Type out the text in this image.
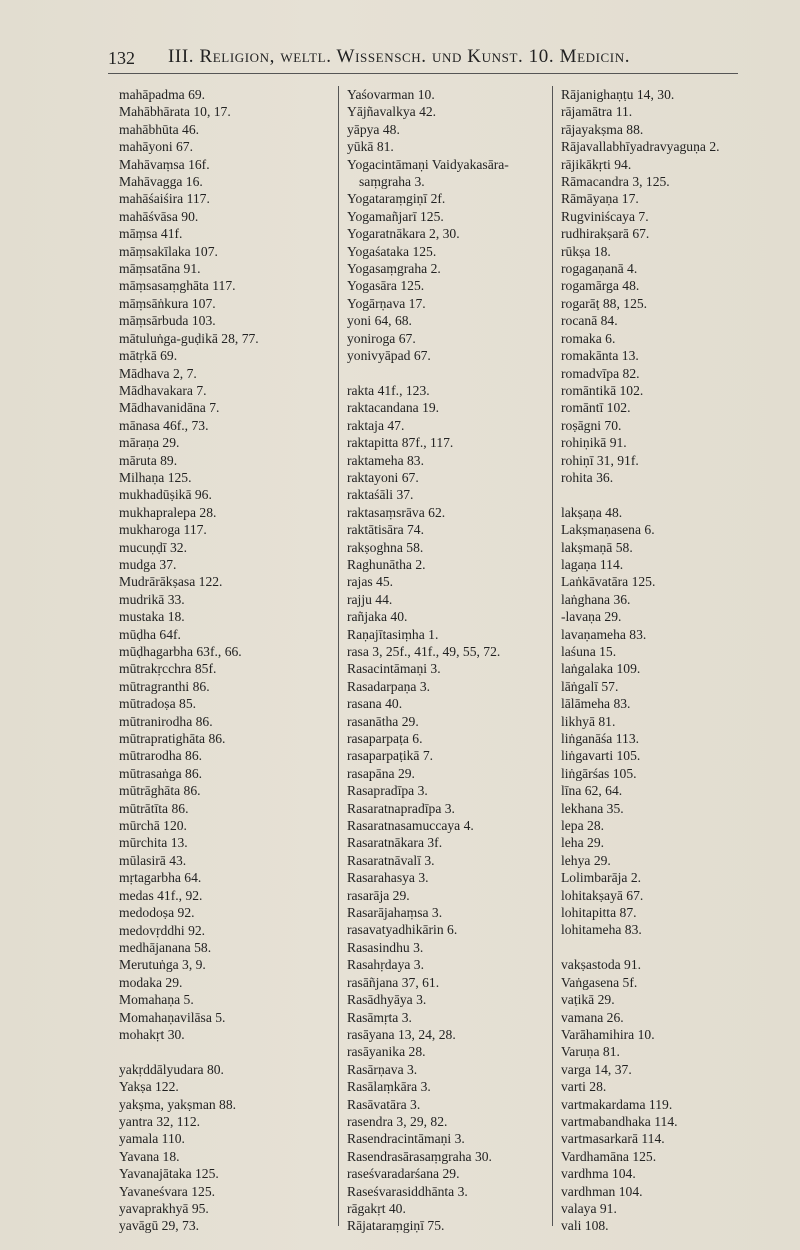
132 III. Religion, weltl. Wissensch. und Kunst. 10. Medicin.
mahāpadma 69.
Mahābhārata 10, 17.
mahābhūta 46.
mahāyoni 67.
Mahāvaṃsa 16f.
Mahāvagga 16.
mahāśaiśira 117.
mahāśvāsa 90.
māṃsa 41f.
māṃsakīlaka 107.
māṃsatāna 91.
māṃsasaṃghāta 117.
māṃsāṅkura 107.
māṃsārbuda 103.
mātuluṅga-guḍikā 28, 77.
mātṛkā 69.
Mādhava 2, 7.
Mādhavakara 7.
Mādhavanidāna 7.
mānasa 46f., 73.
māraṇa 29.
māruta 89.
Milhaṇa 125.
mukhadūṣikā 96.
mukhapralepa 28.
mukharoga 117.
mucuṇḍī 32.
mudga 37.
Mudrārākṣasa 122.
mudrikā 33.
mustaka 18.
mūḍha 64f.
mūḍhagarbha 63f., 66.
mūtrakṛcchra 85f.
mūtragranthi 86.
mūtradoṣa 85.
mūtranirodha 86.
mūtrapratighāta 86.
mūtrarodha 86.
mūtrasaṅga 86.
mūtrāghāta 86.
mūtrātīta 86.
mūrchā 120.
mūrchita 13.
mūlasirā 43.
mṛtagarbha 64.
medas 41f., 92.
medodoṣa 92.
medovṛddhi 92.
medhājanana 58.
Merutuṅga 3, 9.
modaka 29.
Momahaṇa 5.
Momahaṇavilāsa 5.
mohakṛt 30.
yakṛddālyudara 80.
Yakṣa 122.
yakṣma, yakṣman 88.
yantra 32, 112.
yamala 110.
Yavana 18.
Yavanajātaka 125.
Yavaneśvara 125.
yavaprakhyā 95.
yavāgū 29, 73.
Yaśovarman 10.
Yājñavalkya 42.
yāpya 48.
yūkā 81.
Yogacintāmaṇi Vaidyakasāra-
saṃgraha 3.
Yogataraṃgiṇī 2f.
Yogamañjarī 125.
Yogaratnākara 2, 30.
Yogaśataka 125.
Yogasaṃgraha 2.
Yogasāra 125.
Yogārṇava 17.
yoni 64, 68.
yoniroga 67.
yonivyāpad 67.
rakta 41f., 123.
raktacandana 19.
raktaja 47.
raktapitta 87f., 117.
raktameha 83.
raktayoni 67.
raktaśāli 37.
raktasaṃsrāva 62.
raktātisāra 74.
rakṣoghna 58.
Raghunātha 2.
rajas 45.
rajju 44.
rañjaka 40.
Raṇajītasiṃha 1.
rasa 3, 25f., 41f., 49, 55, 72.
Rasacintāmaṇi 3.
Rasadarpaṇa 3.
rasana 40.
rasanātha 29.
rasaparpaṭa 6.
rasaparpaṭikā 7.
rasapāna 29.
Rasapradīpa 3.
Rasaratnapradīpa 3.
Rasaratnasamuccaya 4.
Rasaratnākara 3f.
Rasaratnāvalī 3.
Rasarahasya 3.
rasarāja 29.
Rasarājahaṃsa 3.
rasavatyadhikārin 6.
Rasasindhu 3.
Rasahṛdaya 3.
rasāñjana 37, 61.
Rasādhyāya 3.
Rasāmṛta 3.
rasāyana 13, 24, 28.
rasāyanika 28.
Rasārṇava 3.
Rasālaṃkāra 3.
Rasāvatāra 3.
rasendra 3, 29, 82.
Rasendracintāmaṇi 3.
Rasendrasārasaṃgraha 30.
raseśvaradarśana 29.
Raseśvarasiddhānta 3.
rāgakṛt 40.
Rājataraṃgiṇī 75.
Rājanighaṇṭu 14, 30.
rājamātra 11.
rājayakṣma 88.
Rājavallabhīyadravyaguṇa 2.
rājikākṛti 94.
Rāmacandra 3, 125.
Rāmāyaṇa 17.
Rugviniścaya 7.
rudhirakṣarā 67.
rūkṣa 18.
rogagaṇanā 4.
rogamārga 48.
rogarāṭ 88, 125.
rocanā 84.
romaka 6.
romakānta 13.
romadvīpa 82.
romāntikā 102.
romāntī 102.
roṣāgni 70.
rohiṇikā 91.
rohiṇī 31, 91f.
rohita 36.
lakṣaṇa 48.
Lakṣmaṇasena 6.
lakṣmaṇā 58.
lagaṇa 114.
Laṅkāvatāra 125.
laṅghana 36.
-lavaṇa 29.
lavaṇameha 83.
laśuna 15.
laṅgalaka 109.
lāṅgalī 57.
lālāmeha 83.
likhyā 81.
liṅganāśa 113.
liṅgavarti 105.
liṅgārśas 105.
līna 62, 64.
lekhana 35.
lepa 28.
leha 29.
lehya 29.
Lolimbarāja 2.
lohitakṣayā 67.
lohitapitta 87.
lohitameha 83.
vakṣastoda 91.
Vaṅgasena 5f.
vaṭikā 29.
vamana 26.
Varāhamihira 10.
Varuṇa 81.
varga 14, 37.
varti 28.
vartmakardama 119.
vartmabandhaka 114.
vartmasarkarā 114.
Vardhamāna 125.
vardhma 104.
vardhman 104.
valaya 91.
vali 108.
